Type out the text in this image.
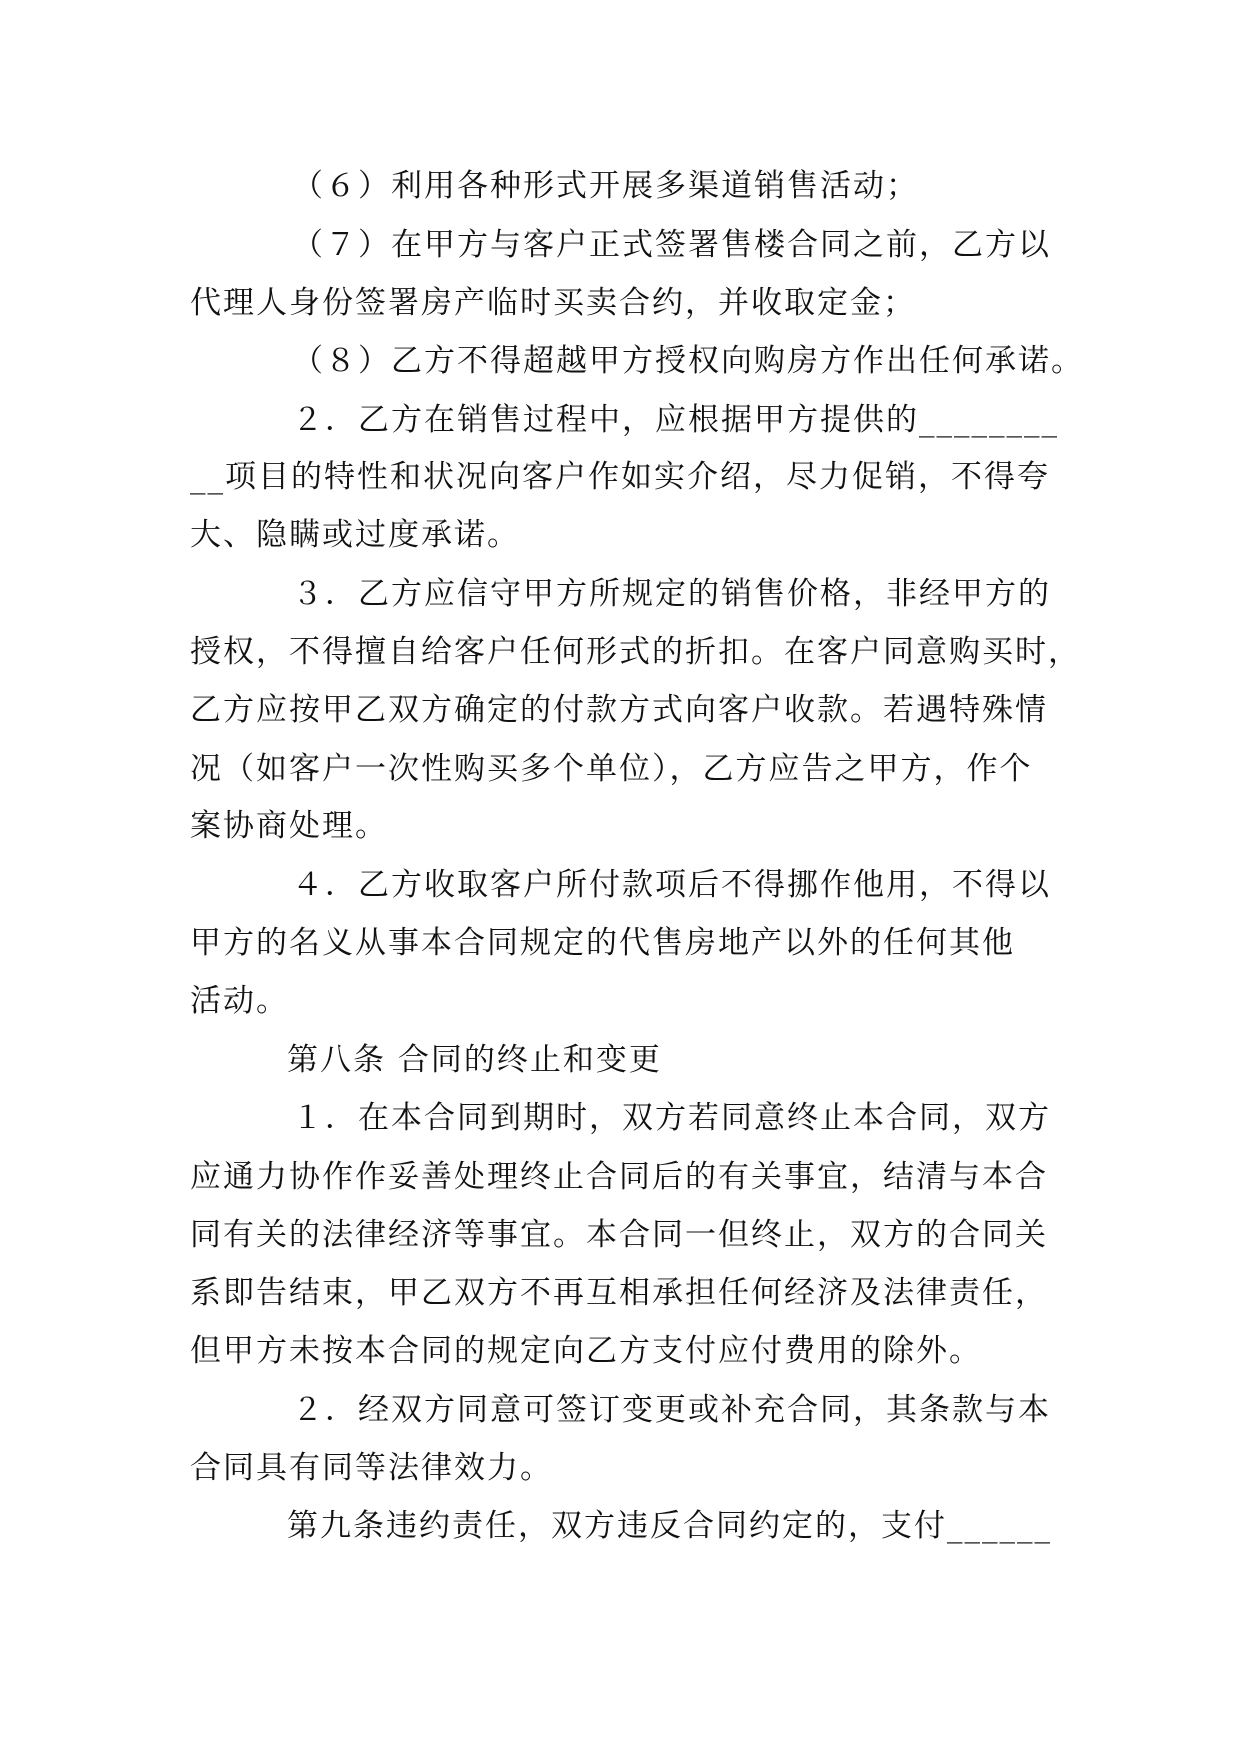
（６）利用各种形式开展多渠道销售活动；
（７）在甲方与客户正式签署售楼合同之前，乙方以
代理人身份签署房产临时买卖合约，并收取定金；
（８）乙方不得超越甲方授权向购房方作出任何承诺。
２．乙方在销售过程中，应根据甲方提供的________
__项目的特性和状况向客户作如实介绍，尽力促销，不得夸
大、隐瞒或过度承诺。
３．乙方应信守甲方所规定的销售价格，非经甲方的
授权，不得擅自给客户任何形式的折扣。在客户同意购买时，
乙方应按甲乙双方确定的付款方式向客户收款。若遇特殊情
况（如客户一次性购买多个单位），乙方应告之甲方，作个
案协商处理。
４．乙方收取客户所付款项后不得挪作他用，不得以
甲方的名义从事本合同规定的代售房地产以外的任何其他
活动。
第八条 合同的终止和变更
１．在本合同到期时，双方若同意终止本合同，双方
应通力协作作妥善处理终止合同后的有关事宜，结清与本合
同有关的法律经济等事宜。本合同一但终止，双方的合同关
系即告结束，甲乙双方不再互相承担任何经济及法律责任，
但甲方未按本合同的规定向乙方支付应付费用的除外。
２．经双方同意可签订变更或补充合同，其条款与本
合同具有同等法律效力。
第九条违约责任，双方违反合同约定的，支付______
